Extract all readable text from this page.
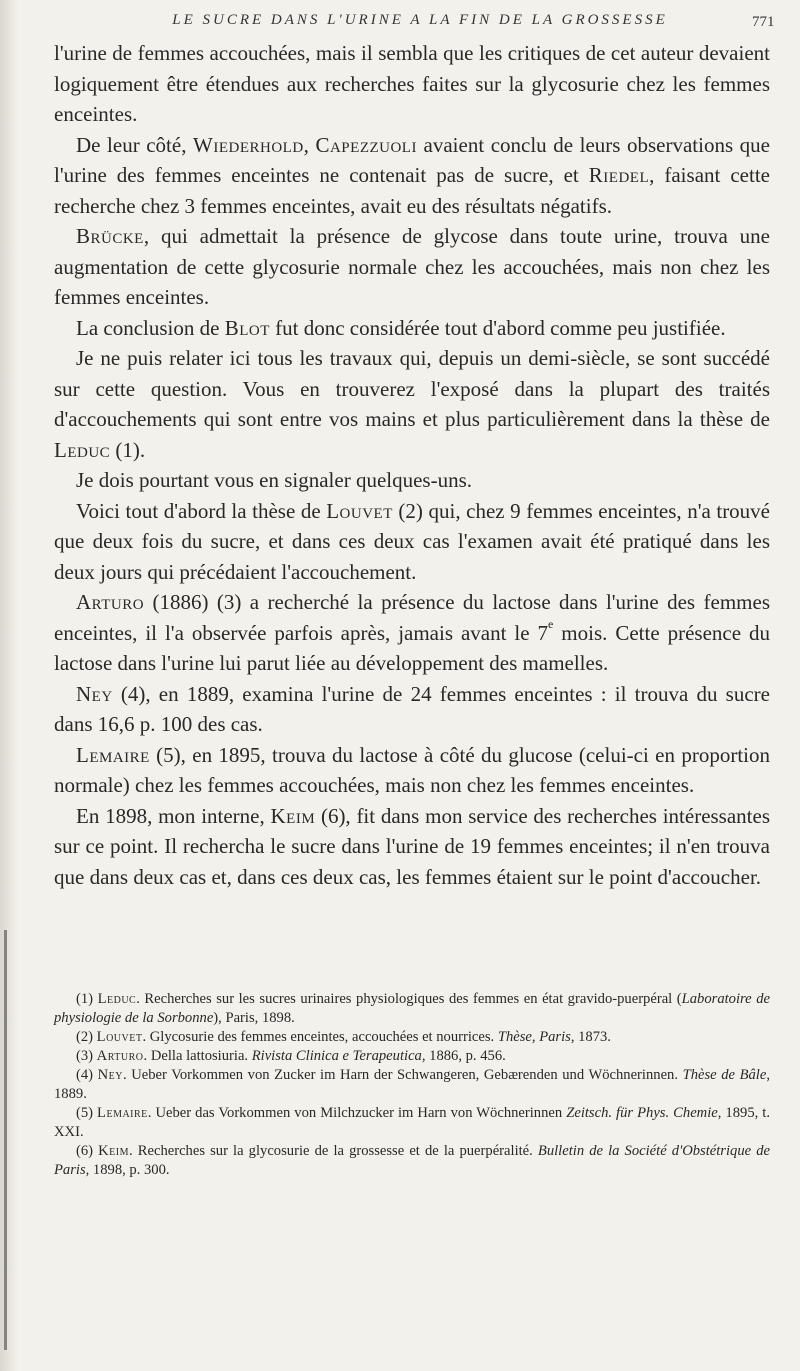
LE SUCRE DANS L'URINE A LA FIN DE LA GROSSESSE	771

l'urine de femmes accouchées, mais il sembla que les critiques de cet auteur devaient logiquement être étendues aux recherches faites sur la glycosurie chez les femmes enceintes.

De leur côté, Wiederhold, Capezzuoli avaient conclu de leurs observations que l'urine des femmes enceintes ne contenait pas de sucre, et Riedel, faisant cette recherche chez 3 femmes enceintes, avait eu des résultats négatifs.

Brücke, qui admettait la présence de glycose dans toute urine, trouva une augmentation de cette glycosurie normale chez les accouchées, mais non chez les femmes enceintes.

La conclusion de Blot fut donc considérée tout d'abord comme peu justifiée.

Je ne puis relater ici tous les travaux qui, depuis un demi-siècle, se sont succédé sur cette question. Vous en trouverez l'exposé dans la plupart des traités d'accouchements qui sont entre vos mains et plus particulièrement dans la thèse de Leduc (1).

Je dois pourtant vous en signaler quelques-uns.

Voici tout d'abord la thèse de Louvet (2) qui, chez 9 femmes enceintes, n'a trouvé que deux fois du sucre, et dans ces deux cas l'examen avait été pratiqué dans les deux jours qui précédaient l'accouchement.

Arturo (1886) (3) a recherché la présence du lactose dans l'urine des femmes enceintes, il l'a observée parfois après, jamais avant le 7e mois. Cette présence du lactose dans l'urine lui parut liée au développement des mamelles.

Ney (4), en 1889, examina l'urine de 24 femmes enceintes : il trouva du sucre dans 16,6 p. 100 des cas.

Lemaire (5), en 1895, trouva du lactose à côté du glucose (celui-ci en proportion normale) chez les femmes accouchées, mais non chez les femmes enceintes.

En 1898, mon interne, Keim (6), fit dans mon service des recherches intéressantes sur ce point. Il rechercha le sucre dans l'urine de 19 femmes enceintes; il n'en trouva que dans deux cas et, dans ces deux cas, les femmes étaient sur le point d'accoucher.

(1) Leduc. Recherches sur les sucres urinaires physiologiques des femmes en état gravido-puerpéral (Laboratoire de physiologie de la Sorbonne), Paris, 1898.

(2) Louvet. Glycosurie des femmes enceintes, accouchées et nourrices. Thèse, Paris, 1873.

(3) Arturo. Della lattosiuria. Rivista Clinica e Terapeutica, 1886, p. 456.

(4) Ney. Ueber Vorkommen von Zucker im Harn der Schwangeren, Gebærenden und Wöchnerinnen. Thèse de Bâle, 1889.

(5) Lemaire. Ueber das Vorkommen von Milchzucker im Harn von Wöchnerinnen Zeitsch. für Phys. Chemie, 1895, t. XXI.

(6) Keim. Recherches sur la glycosurie de la grossesse et de la puerpéralité. Bulletin de la Société d'Obstétrique de Paris, 1898, p. 300.
